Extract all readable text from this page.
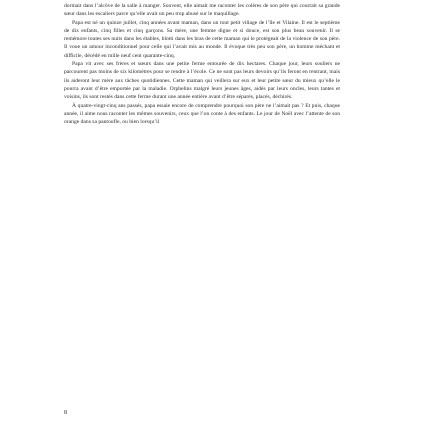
dormait dans l’alcôve de la salle à manger. Souvent, elle aimait me raconter les colères de son père qui courrait sa grande sœur dans les escaliers parce qu’elle avait un peu trop abusé sur le maquillage.

Papa est né un quinze juillet, cinq années avant maman, dans un tout petit village de l’île et Vilaine. Il est le septième de dix enfants, cinq filles et cinq garçons. Sa mère, une femme digne et si douce, est son plus beau souvenir. Il se remémore toutes ses nuits dans les étables, blotti dans les bras de cette maman qui le protégeait de la violence de son père. Il voue un amour inconditionnel pour celle qui l’avait mis au monde. Il évoque très peu son père, un homme méchant et difficile, décédé en mille neuf cent quarante-cinq.

Papa vit avec ses frères et sœurs dans une petite ferme entourée de dix hectares. Chaque jour, leurs souliers ne parcourent pas moins de six kilomètres pour se rendre à l’école. Ce ne sont pas leurs devoirs qu’ils feront en rentrant, mais ils aideront leur mère aux tâches quotidiennes. Cette maman qui veillera sur eux et leur petite sœur du mieux qu’elle le pourra avant d’être emportée par la maladie. Orphelins malgré leurs jeunes âges, aidés par leurs oncles, leurs tantes et voisins, ils sont restés dans cette ferme durant une année entière avant d’être séparés, placés, déchirés.

À quatre-vingt-cinq ans passés, papa essaie encore de comprendre pourquoi son père ne l’aimait pas ? Et puis, chaque année, il aime nous raconter les mêmes souvenirs, ceux que l’on conte à des enfants. Le jour de Noël avec l’attente de son orange dans sa pantoufle, ou bien lorsqu’il

8
